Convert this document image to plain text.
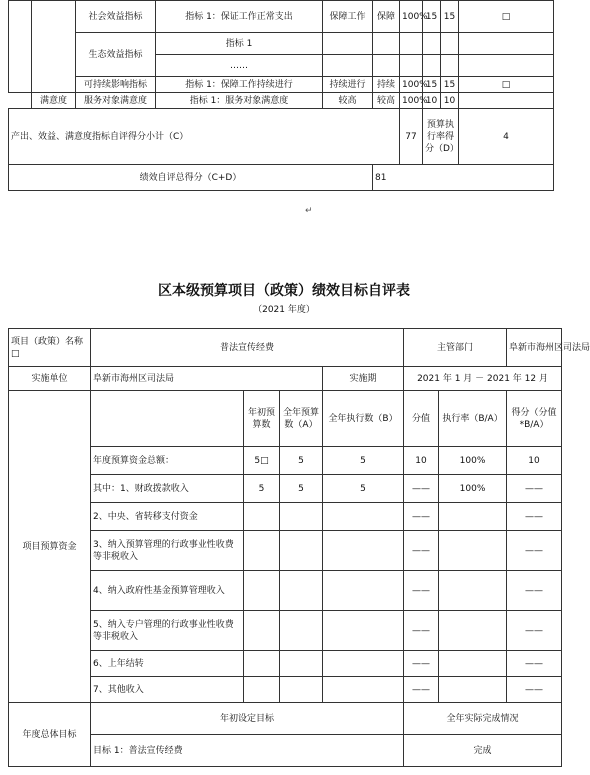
		社会效益指标	指标 1：保证工作正常支出	保障工作	保障	100%	15	15	□
		生态效益指标	指标 1						
			……						
		可持续影响指标	指标 1：保障工作持续进行	持续进行	持续	100%	15	15	□
	满意度	服务对象满意度	指标 1：服务对象满意度	较高	较高	100%	10	10	
产出、效益、满意度指标自评得分小计（C）						77	预算执行率得分（D）		4
绩效自评总得分（C+D）					81				
↵
区本级预算项目（政策）绩效目标自评表
（2021 年度）
项目（政策）名称□	普法宣传经费				主管部门		阜新市海州区司法局
实施单位	阜新市海州区司法局			实施期	2021 年 1 月 － 2021 年 12 月		
项目预算资金		年初预算数	全年预算数（A）	全年执行数（B）	分值	执行率（B/A）	得分（分值*B/A）
	年度预算资金总额：	5□	5	5	10	100%	10
	其中：1、财政拨款收入	5	5	5	——	100%	——
	2、中央、省转移支付资金				——		——
	3、纳入预算管理的行政事业性收费等非税收入				——		——
	4、纳入政府性基金预算管理收入				——		——
	5、纳入专户管理的行政事业性收费等非税收入				——		——
	6、上年结转				——		——
	7、其他收入				——		——
年度总体目标	年初设定目标				全年实际完成情况		
	目标 1：普法宣传经费				完成		
